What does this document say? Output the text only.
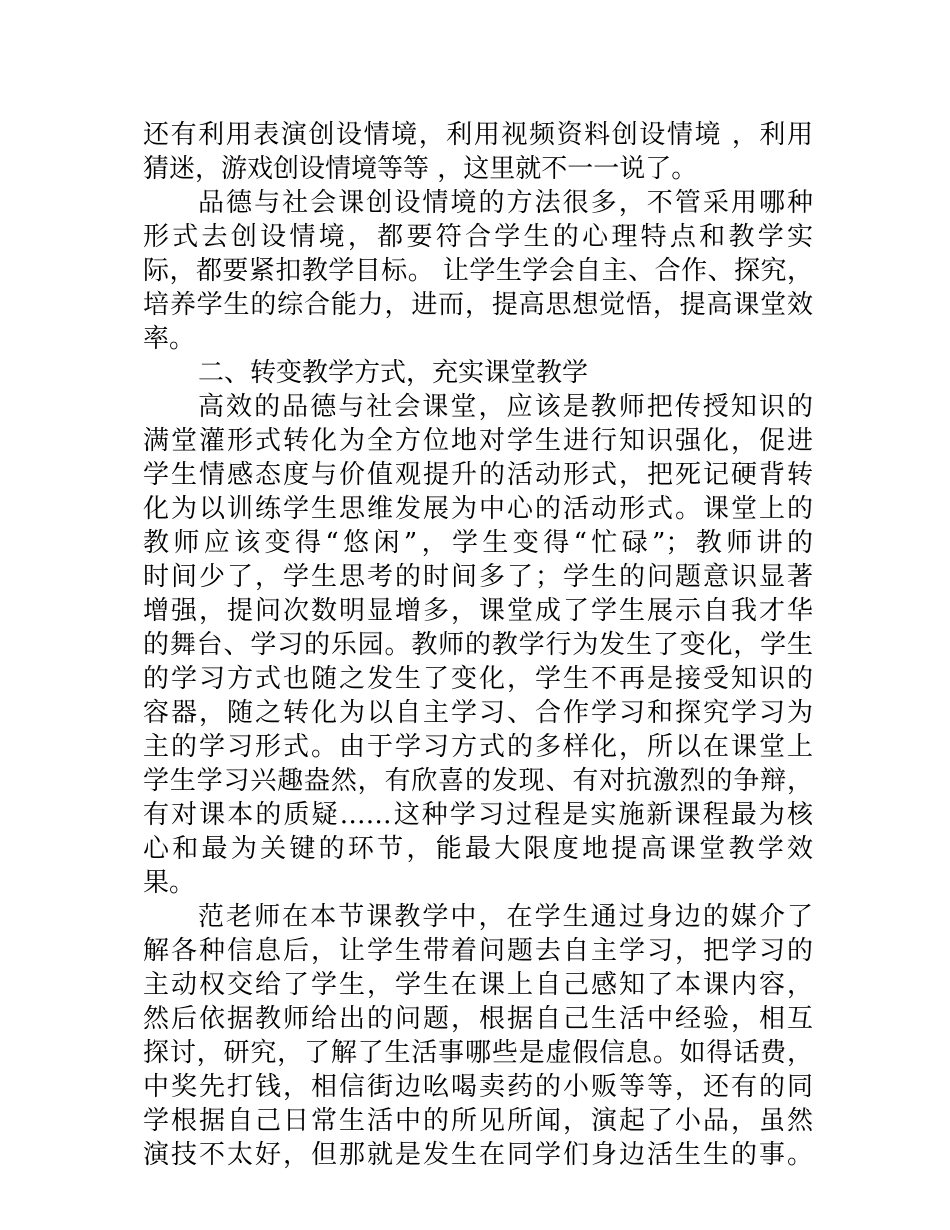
还有利用表演创设情境，利用视频资料创设情境 ，利用

猜迷，游戏创设情境等等 ，这里就不一一说了。

品德与社会课创设情境的方法很多，不管采用哪种

形式去创设情境，都要符合学生的心理特点和教学实

际，都要紧扣教学目标。 让学生学会自主、合作、探究，

培养学生的综合能力，进而，提高思想觉悟，提高课堂效

率。

二、转变教学方式，充实课堂教学

高效的品德与社会课堂，应该是教师把传授知识的

满堂灌形式转化为全方位地对学生进行知识强化，促进

学生情感态度与价值观提升的活动形式，把死记硬背转

化为以训练学生思维发展为中心的活动形式。课堂上的

教师应该变得“悠闲”，学生变得“忙碌”；教师讲的

时间少了，学生思考的时间多了；学生的问题意识显著

增强，提问次数明显增多，课堂成了学生展示自我才华

的舞台、学习的乐园。教师的教学行为发生了变化，学生

的学习方式也随之发生了变化，学生不再是接受知识的

容器，随之转化为以自主学习、合作学习和探究学习为

主的学习形式。由于学习方式的多样化，所以在课堂上

学生学习兴趣盎然，有欣喜的发现、有对抗激烈的争辩，

有对课本的质疑……这种学习过程是实施新课程最为核

心和最为关键的环节，能最大限度地提高课堂教学效

果。

范老师在本节课教学中，在学生通过身边的媒介了

解各种信息后，让学生带着问题去自主学习，把学习的

主动权交给了学生，学生在课上自己感知了本课内容，

然后依据教师给出的问题，根据自己生活中经验，相互

探讨，研究，了解了生活事哪些是虚假信息。如得话费，

中奖先打钱，相信街边吆喝卖药的小贩等等，还有的同

学根据自己日常生活中的所见所闻，演起了小品，虽然

演技不太好，但那就是发生在同学们身边活生生的事。
